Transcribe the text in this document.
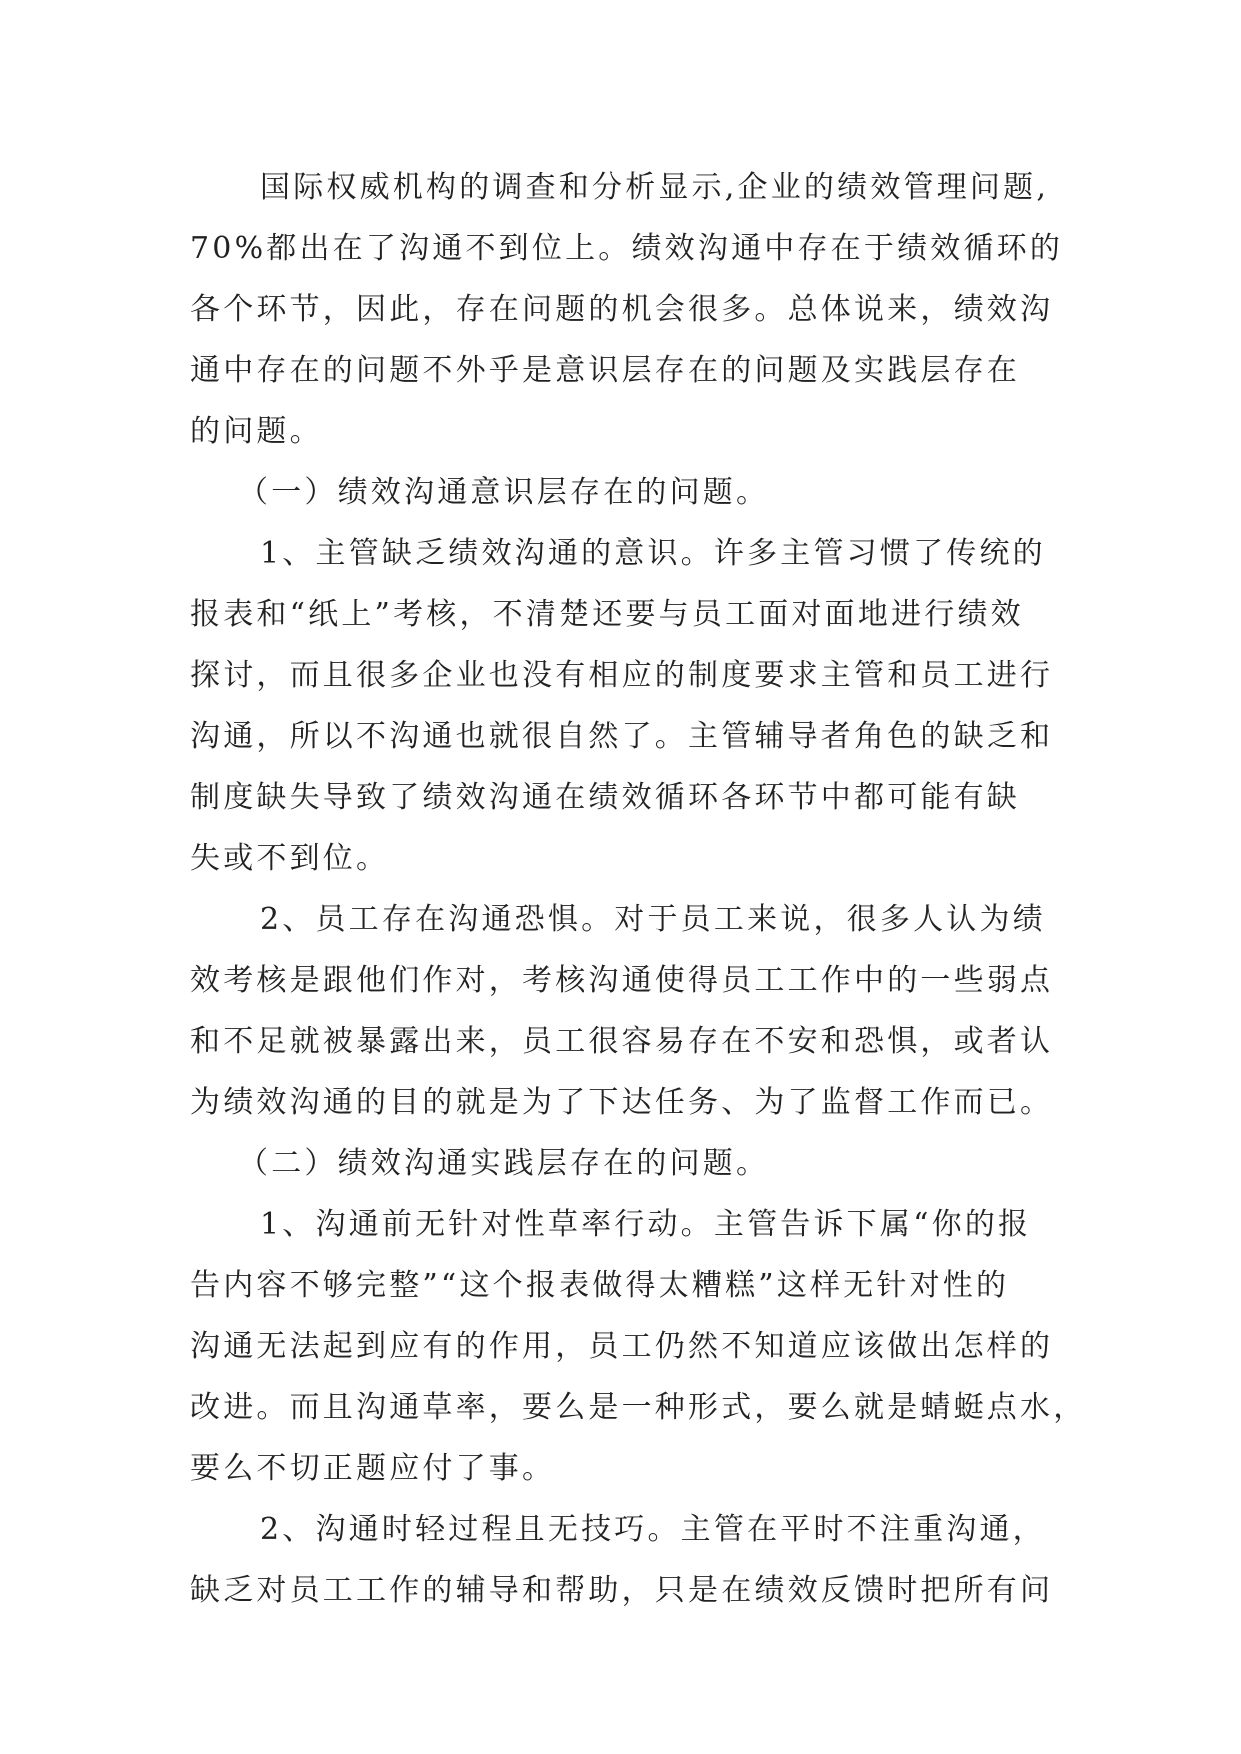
国际权威机构的调查和分析显示,企业的绩效管理问题,
70%都出在了沟通不到位上。绩效沟通中存在于绩效循环的
各个环节，因此，存在问题的机会很多。总体说来，绩效沟
通中存在的问题不外乎是意识层存在的问题及实践层存在
的问题。

（一）绩效沟通意识层存在的问题。

1、主管缺乏绩效沟通的意识。许多主管习惯了传统的
报表和“纸上”考核，不清楚还要与员工面对面地进行绩效
探讨，而且很多企业也没有相应的制度要求主管和员工进行
沟通，所以不沟通也就很自然了。主管辅导者角色的缺乏和
制度缺失导致了绩效沟通在绩效循环各环节中都可能有缺
失或不到位。

2、员工存在沟通恐惧。对于员工来说，很多人认为绩
效考核是跟他们作对，考核沟通使得员工工作中的一些弱点
和不足就被暴露出来，员工很容易存在不安和恐惧，或者认
为绩效沟通的目的就是为了下达任务、为了监督工作而已。

（二）绩效沟通实践层存在的问题。

1、沟通前无针对性草率行动。主管告诉下属“你的报
告内容不够完整”“这个报表做得太糟糕”这样无针对性的
沟通无法起到应有的作用，员工仍然不知道应该做出怎样的
改进。而且沟通草率，要么是一种形式，要么就是蜻蜓点水，
要么不切正题应付了事。

2、沟通时轻过程且无技巧。主管在平时不注重沟通，
缺乏对员工工作的辅导和帮助，只是在绩效反馈时把所有问
